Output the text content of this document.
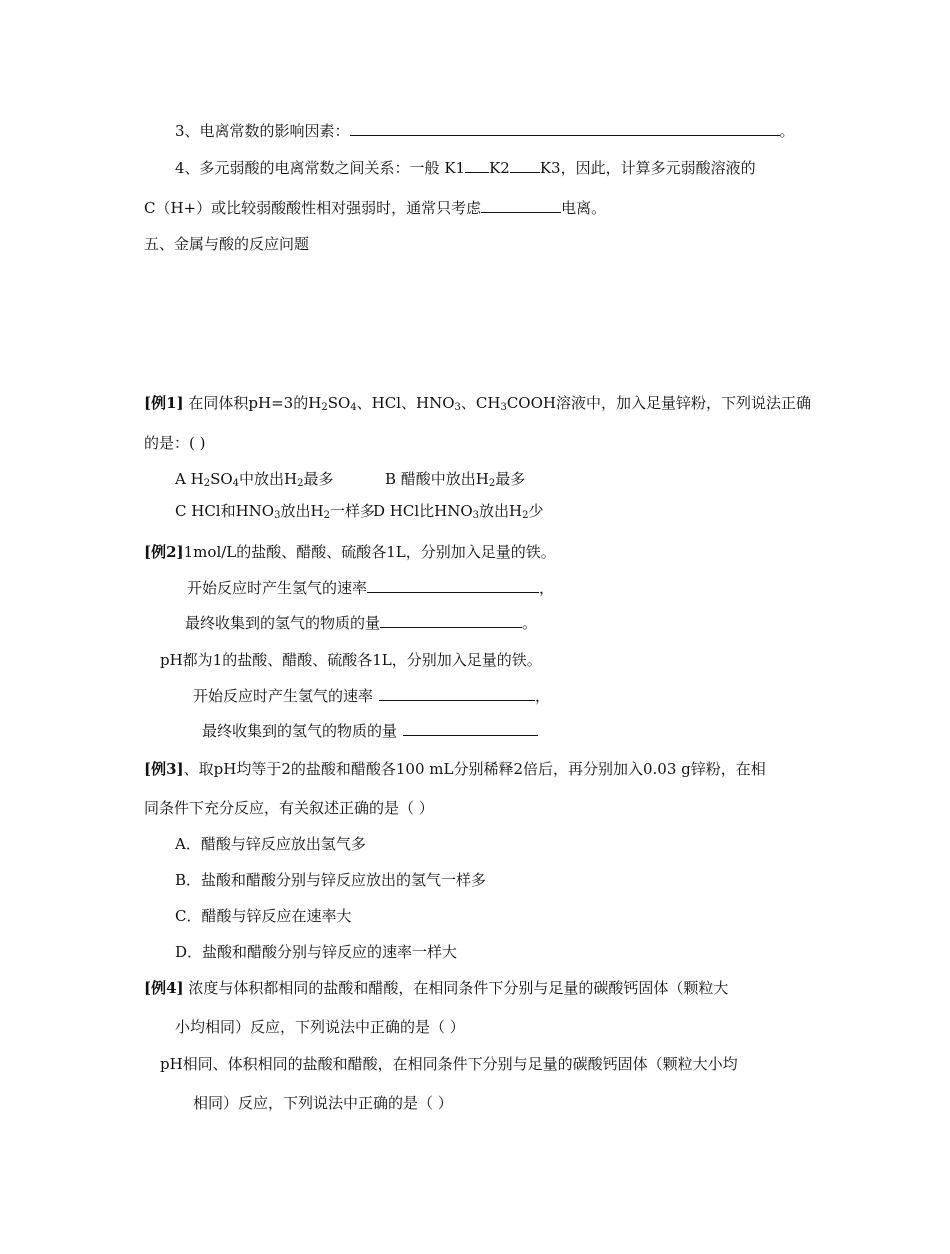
3、电离常数的影响因素：	。
4、多元弱酸的电离常数之间关系：一般 K1 K2 K3，因此，计算多元弱酸溶液的
C（H+）或比较弱酸酸性相对强弱时，通常只考虑	电离。
五、金属与酸的反应问题
[例1] 在同体积pH=3的$H_2SO_4$、HCl、$HNO_3$、$CH_3COOH$溶液中，加入足量锌粉，下列说法正确
的是：( )
A $H_2SO_4$中放出$H_2$最多	B 醋酸中放出$H_2$最多
C HCl和$HNO_3$放出$H_2$一样多
D HCl比$HNO_3$放出$H_2$少
[例2]1mol/L的盐酸、醋酸、硫酸各1L，分别加入足量的铁。
开始反应时产生氢气的速率	，
最终收集到的氢气的物质的量	。
pH都为1的盐酸、醋酸、硫酸各1L，分别加入足量的铁。
开始反应时产生氢气的速率	，
最终收集到的氢气的物质的量
[例3]、取pH均等于2的盐酸和醋酸各100 mL分别稀释2倍后，再分别加入0.03 g锌粉，在相
同条件下充分反应，有关叙述正确的是（ ）
A．醋酸与锌反应放出氢气多
B．盐酸和醋酸分别与锌反应放出的氢气一样多
C．醋酸与锌反应在速率大
D．盐酸和醋酸分别与锌反应的速率一样大
[例4] 浓度与体积都相同的盐酸和醋酸，在相同条件下分别与足量的碳酸钙固体（颗粒大
小均相同）反应，下列说法中正确的是（ ）
pH相同、体积相同的盐酸和醋酸，在相同条件下分别与足量的碳酸钙固体（颗粒大小均
相同）反应，下列说法中正确的是（ ）
